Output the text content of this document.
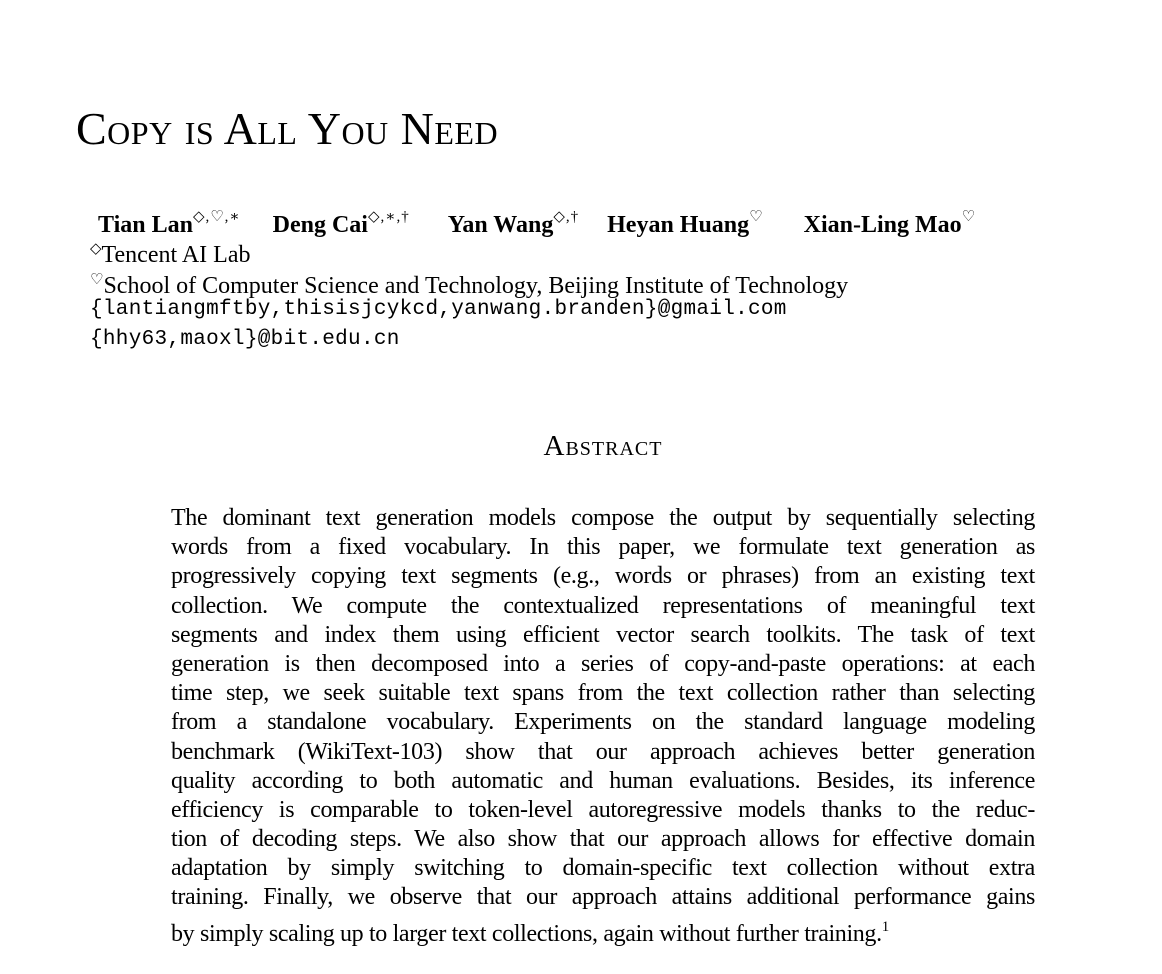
Copy is All You Need
Tian Lan◇,♡,∗ Deng Cai◇,∗,† Yan Wang◇,† Heyan Huang♡ Xian-Ling Mao♡
◇Tencent AI Lab
♡School of Computer Science and Technology, Beijing Institute of Technology
{lantiangmftby,thisisjcykcd,yanwang.branden}@gmail.com
{hhy63,maoxl}@bit.edu.cn
Abstract
The dominant text generation models compose the output by sequentially selecting
words from a fixed vocabulary. In this paper, we formulate text generation as
progressively copying text segments (e.g., words or phrases) from an existing text
collection. We compute the contextualized representations of meaningful text
segments and index them using efficient vector search toolkits. The task of text
generation is then decomposed into a series of copy-and-paste operations: at each
time step, we seek suitable text spans from the text collection rather than selecting
from a standalone vocabulary. Experiments on the standard language modeling
benchmark (WikiText-103) show that our approach achieves better generation
quality according to both automatic and human evaluations. Besides, its inference
efficiency is comparable to token-level autoregressive models thanks to the reduc-
tion of decoding steps. We also show that our approach allows for effective domain
adaptation by simply switching to domain-specific text collection without extra
training. Finally, we observe that our approach attains additional performance gains
by simply scaling up to larger text collections, again without further training.$^1$
